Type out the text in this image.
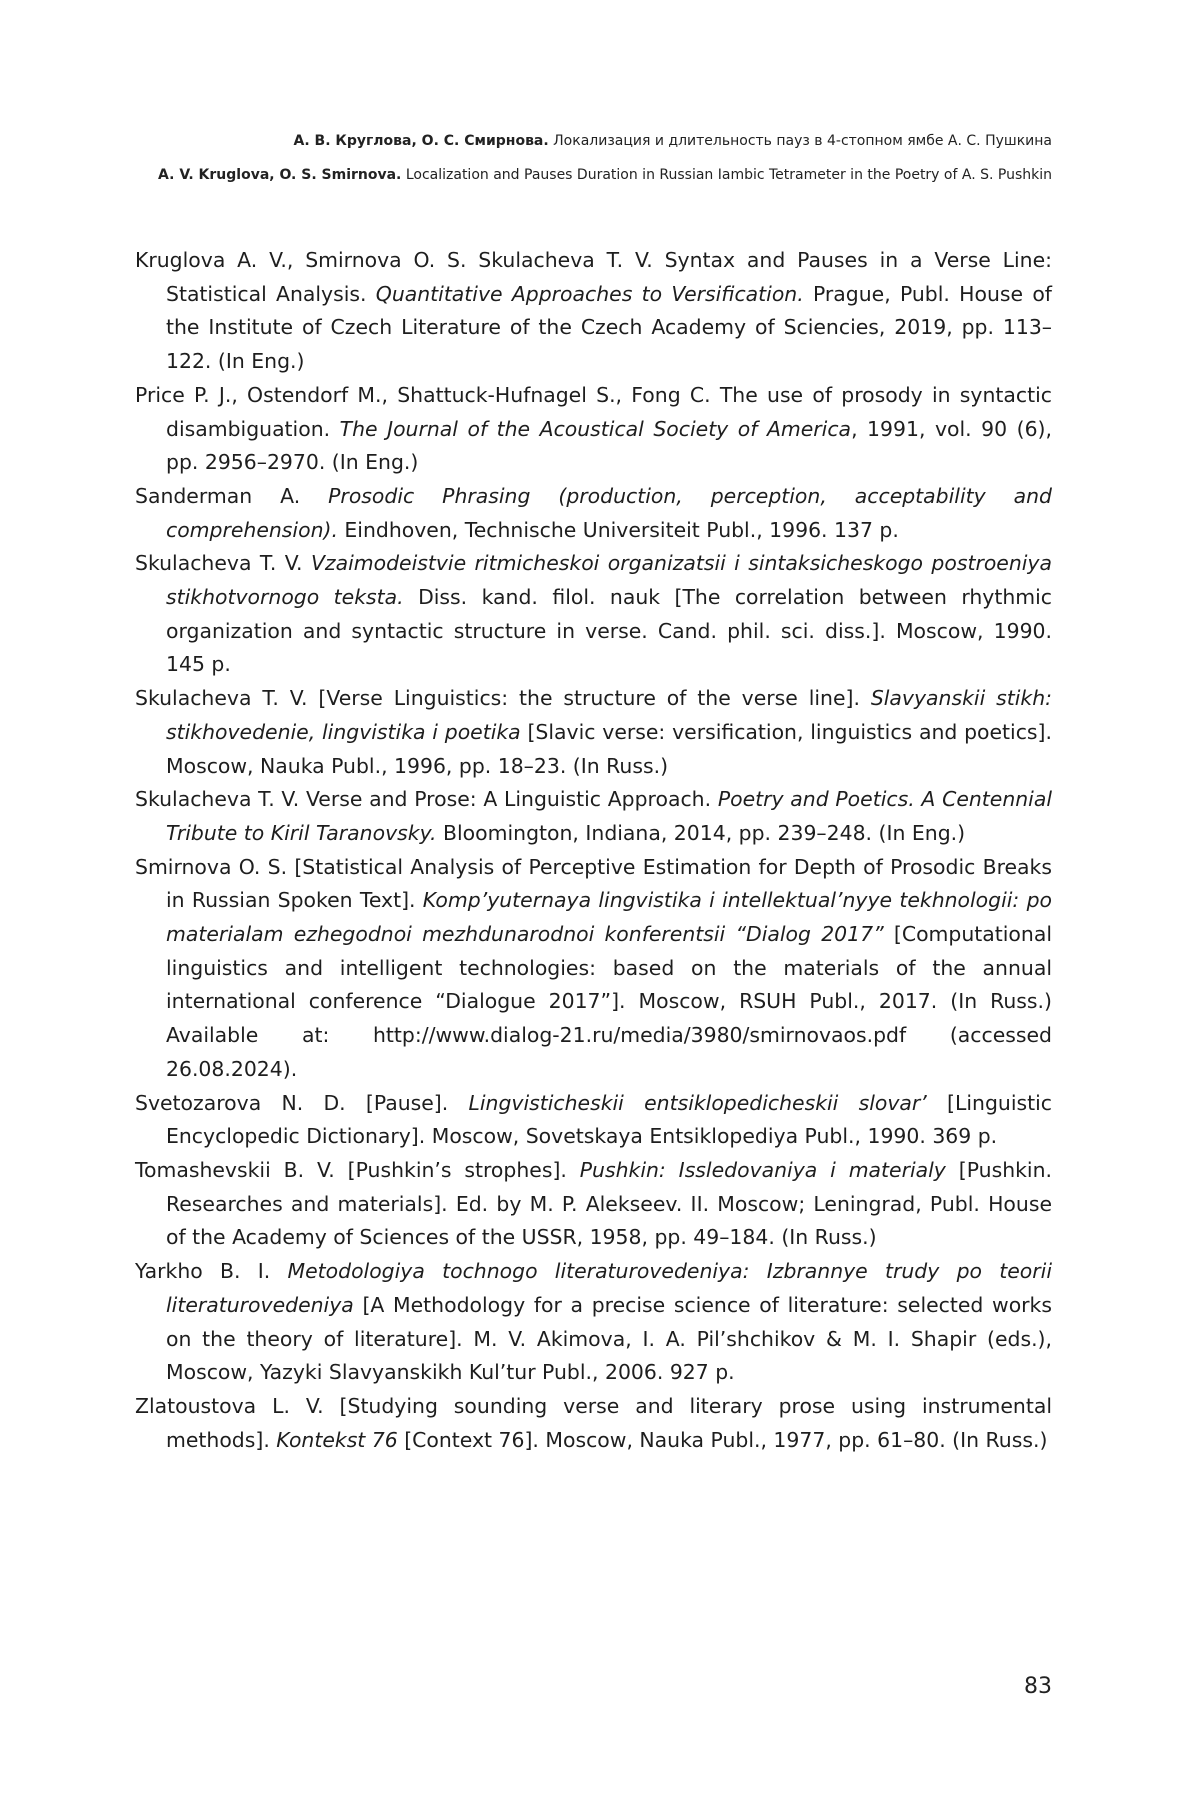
А. В. Круглова, О. С. Смирнова. Локализация и длительность пауз в 4-стопном ямбе А. С. Пушкина
A. V. Kruglova, O. S. Smirnova. Localization and Pauses Duration in Russian Iambic Tetrameter in the Poetry of A. S. Pushkin

Kruglova A. V., Smirnova O. S. Skulacheva T. V. Syntax and Pauses in a Verse Line: Statistical Analysis. Quantitative Approaches to Versification. Prague, Publ. House of the Institute of Czech Literature of the Czech Academy of Sciencies, 2019, pp. 113–122. (In Eng.)

Price P. J., Ostendorf M., Shattuck-Hufnagel S., Fong C. The use of prosody in syntactic disambiguation. The Journal of the Acoustical Society of America, 1991, vol. 90 (6), pp. 2956–2970. (In Eng.)

Sanderman A. Prosodic Phrasing (production, perception, acceptability and comprehension). Eindhoven, Technische Universiteit Publ., 1996. 137 p.

Skulacheva T. V. Vzaimodeistvie ritmicheskoi organizatsii i sintaksicheskogo postroeniya stikhotvornogo teksta. Diss. kand. filol. nauk [The correlation between rhythmic organization and syntactic structure in verse. Cand. phil. sci. diss.]. Moscow, 1990. 145 p.

Skulacheva T. V. [Verse Linguistics: the structure of the verse line]. Slavyanskii stikh: stikhovedenie, lingvistika i poetika [Slavic verse: versification, linguistics and poetics]. Moscow, Nauka Publ., 1996, pp. 18–23. (In Russ.)

Skulacheva T. V. Verse and Prose: A Linguistic Approach. Poetry and Poetics. A Centennial Tribute to Kiril Taranovsky. Bloomington, Indiana, 2014, pp. 239–248. (In Eng.)

Smirnova O. S. [Statistical Analysis of Perceptive Estimation for Depth of Prosodic Breaks in Russian Spoken Text]. Komp’yuternaya lingvistika i intellektual’nyye tekhnologii: po materialam ezhegodnoi mezhdunarodnoi konferentsii “Dialog 2017” [Computational linguistics and intelligent technologies: based on the materials of the annual international conference “Dialogue 2017”]. Moscow, RSUH Publ., 2017. (In Russ.) Available at: http://www.dialog-21.ru/media/3980/smirnovaos.pdf (accessed 26.08.2024).

Svetozarova N. D. [Pause]. Lingvisticheskii entsiklopedicheskii slovar’ [Linguistic Encyclopedic Dictionary]. Moscow, Sovetskaya Entsiklopediya Publ., 1990. 369 p.

Tomashevskii B. V. [Pushkin’s strophes]. Pushkin: Issledovaniya i materialy [Pushkin. Researches and materials]. Ed. by M. P. Alekseev. II. Moscow; Leningrad, Publ. House of the Academy of Sciences of the USSR, 1958, pp. 49–184. (In Russ.)

Yarkho B. I. Metodologiya tochnogo literaturovedeniya: Izbrannye trudy po teorii literaturovedeniya [A Methodology for a precise science of literature: selected works on the theory of literature]. M. V. Akimova, I. A. Pil’shchikov & M. I. Shapir (eds.), Moscow, Yazyki Slavyanskikh Kul’tur Publ., 2006. 927 p.

Zlatoustova L. V. [Studying sounding verse and literary prose using instrumental methods]. Kontekst 76 [Context 76]. Moscow, Nauka Publ., 1977, pp. 61–80. (In Russ.)

83
